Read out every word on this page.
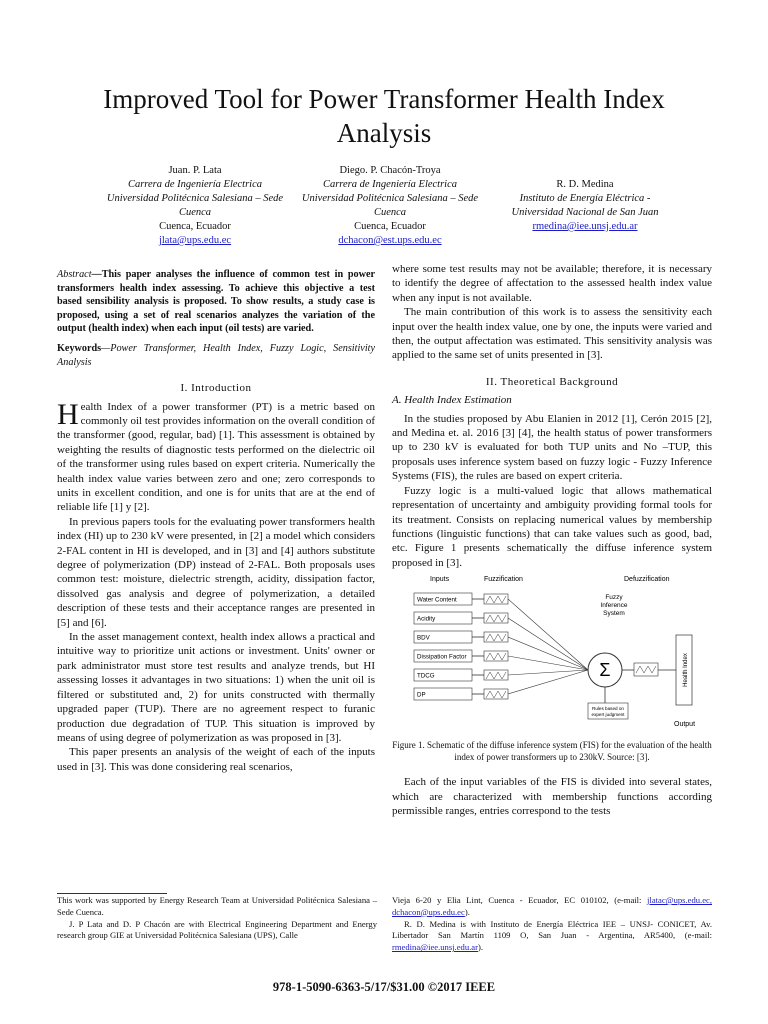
Improved Tool for Power Transformer Health Index Analysis
Juan. P. Lata
Carrera de Ingeniería Electrica
Universidad Politécnica Salesiana – Sede Cuenca
Cuenca, Ecuador
jlata@ups.edu.ec
Diego. P. Chacón-Troya
Carrera de Ingeniería Electrica
Universidad Politécnica Salesiana – Sede Cuenca
Cuenca, Ecuador
dchacon@est.ups.edu.ec
R. D. Medina
Instituto de Energía Eléctrica -
Universidad Nacional de San Juan
rmedina@iee.unsj.edu.ar

Abstract—This paper analyses the influence of common test in power transformers health index assessing. To achieve this objective a test based sensibility analysis is proposed. To show results, a study case is proposed, using a set of real scenarios analyzes the variation of the output (health index) when each input (oil tests) are varied.

Keywords—Power Transformer, Health Index, Fuzzy Logic, Sensitivity Analysis

I. Introduction

Health Index of a power transformer (PT) is a metric based on commonly oil test provides information on the overall condition of the transformer (good, regular, bad) [1]. This assessment is obtained by weighting the results of diagnostic tests performed on the dielectric oil of the transformer using rules based on expert criteria. Numerically the health index value varies between zero and one; zero corresponds to units in excellent condition, and one is for units that are at the end of reliable life [1] y [2].

In previous papers tools for the evaluating power transformers health index (HI) up to 230 kV were presented, in [2] a model which considers 2-FAL content in HI is developed, and in [3] and [4] authors substitute degree of polymerization (DP) instead of 2-FAL. Both proposals uses common test: moisture, dielectric strength, acidity, dissipation factor, dissolved gas analysis and degree of polymerization, a detailed description of these tests and their acceptance ranges are presented in [5] and [6].

In the asset management context, health index allows a practical and intuitive way to prioritize unit actions or investment. Units' owner or park administrator must store test results and analyze trends, but HI assessing losses it advantages in two situations: 1) when the unit oil is filtered or substituted and, 2) for units constructed with thermally upgraded paper (TUP). There are no agreement respect to furanic production due degradation of TUP. This situation is improved by means of using degree of polymerization as was proposed in [3].

This paper presents an analysis of the weight of each of the inputs used in [3]. This was done considering real scenarios,

where some test results may not be available; therefore, it is necessary to identify the degree of affectation to the assessed health index value when any input is not available.

The main contribution of this work is to assess the sensitivity each input over the health index value, one by one, the inputs were varied and then, the output affectation was estimated. This sensitivity analysis was applied to the same set of units presented in [3].

II. Theoretical Background
A. Health Index Estimation

In the studies proposed by Abu Elanien in 2012 [1], Cerón 2015 [2], and Medina et. al. 2016 [3] [4], the health status of power transformers up to 230 kV is evaluated for both TUP units and No –TUP, this proposals uses inference system based on fuzzy logic - Fuzzy Inference Systems (FIS), the rules are based on expert criteria.

Fuzzy logic is a multi-valued logic that allows mathematical representation of uncertainty and ambiguity providing formal tools for its treatment. Consists on replacing numerical values by membership functions (linguistic functions) that can take values such as good, bad, etc. Figure 1 presents schematically the diffuse inference system proposed in [3].

Inputs	Fuzzification	Defuzzification
Fuzzy
Inference
System
Water Content
Acidity
BDV
Dissipation Factor
TDCG
DP
Σ
Rules based on
expert judgment
Health Index
Output
Figure 1. Schematic of the diffuse inference system (FIS) for the evaluation of the health index of power transformers up to 230kV. Source: [3].

Each of the input variables of the FIS is divided into several states, which are characterized with membership functions according permissible ranges, entries correspond to the tests

This work was supported by Energy Research Team at Universidad Politécnica Salesiana – Sede Cuenca.

J. P Lata and D. P Chacón are with Electrical Engineering Department and Energy research group GIE at Universidad Politécnica Salesiana (UPS), Calle

Vieja 6-20 y Elia Lint, Cuenca - Ecuador, EC 010102, (e-mail: jlatac@ups.edu.ec, dchacon@ups.edu.ec).

R. D. Medina is with Instituto de Energía Eléctrica IEE – UNSJ- CONICET, Av. Libertador San Martín 1109 O, San Juan - Argentina, AR5400, (e-mail: rmedina@iee.unsj.edu.ar).

978-1-5090-6363-5/17/$31.00 ©2017 IEEE
